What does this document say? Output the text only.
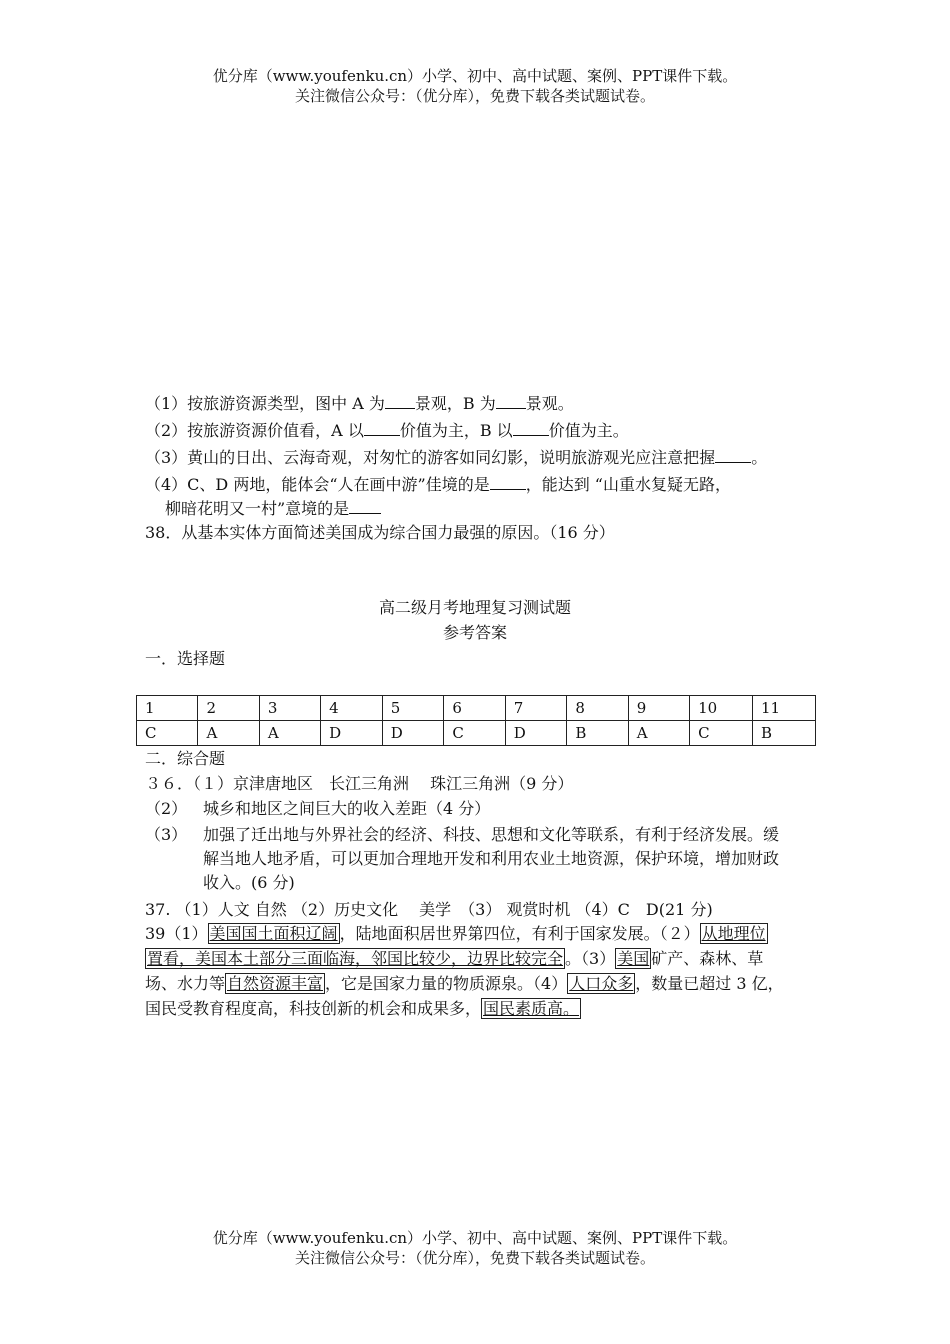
优分库（www.youfenku.cn）小学、初中、高中试题、案例、PPT课件下载。
关注微信公众号：（优分库），免费下载各类试题试卷。
（1）按旅游资源类型，图中 A 为 景观，B 为 景观。
（2）按旅游资源价值看，A 以 价值为主，B 以 价值为主。
（3）黄山的日出、云海奇观，对匆忙的游客如同幻影，说明旅游观光应注意把握 。
（4）C、D 两地，能体会“人在画中游”佳境的是 ，能达到 “山重水复疑无路，
柳暗花明又一村”意境的是
38．从基本实体方面简述美国成为综合国力最强的原因。（16 分）
高二级月考地理复习测试题
参考答案
一．选择题
1	2	3	4	5	6	7	8	9	10	11
C	A	A	D	D	C	D	B	A	C	B
二．综合题
３６．（１）京津唐地区　长江三角洲　 珠江三角洲（9 分）
（2） 城乡和地区之间巨大的收入差距（4 分）
（3） 加强了迁出地与外界社会的经济、科技、思想和文化等联系，有利于经济发展。缓
解当地人地矛盾，可以更加合理地开发和利用农业土地资源，保护环境，增加财政
收入。(6 分)
37. （1）人文 自然 （2）历史文化　 美学　（3） 观赏时机 （4）C　D(21 分)
39（1） 美国国土面积辽阔 ，陆地面积居世界第四位，有利于国家发展。（２） 从地理位
置看，美国本土部分三面临海，邻国比较少，边界比较完全 。（3） 美国 矿产、森林、草
场、水力等 自然资源丰富 ，它是国家力量的物质源泉。（4） 人口众多 ，数量已超过 3 亿，
国民受教育程度高，科技创新的机会和成果多， 国民素质高。
优分库（www.youfenku.cn）小学、初中、高中试题、案例、PPT课件下载。
关注微信公众号：（优分库），免费下载各类试题试卷。
